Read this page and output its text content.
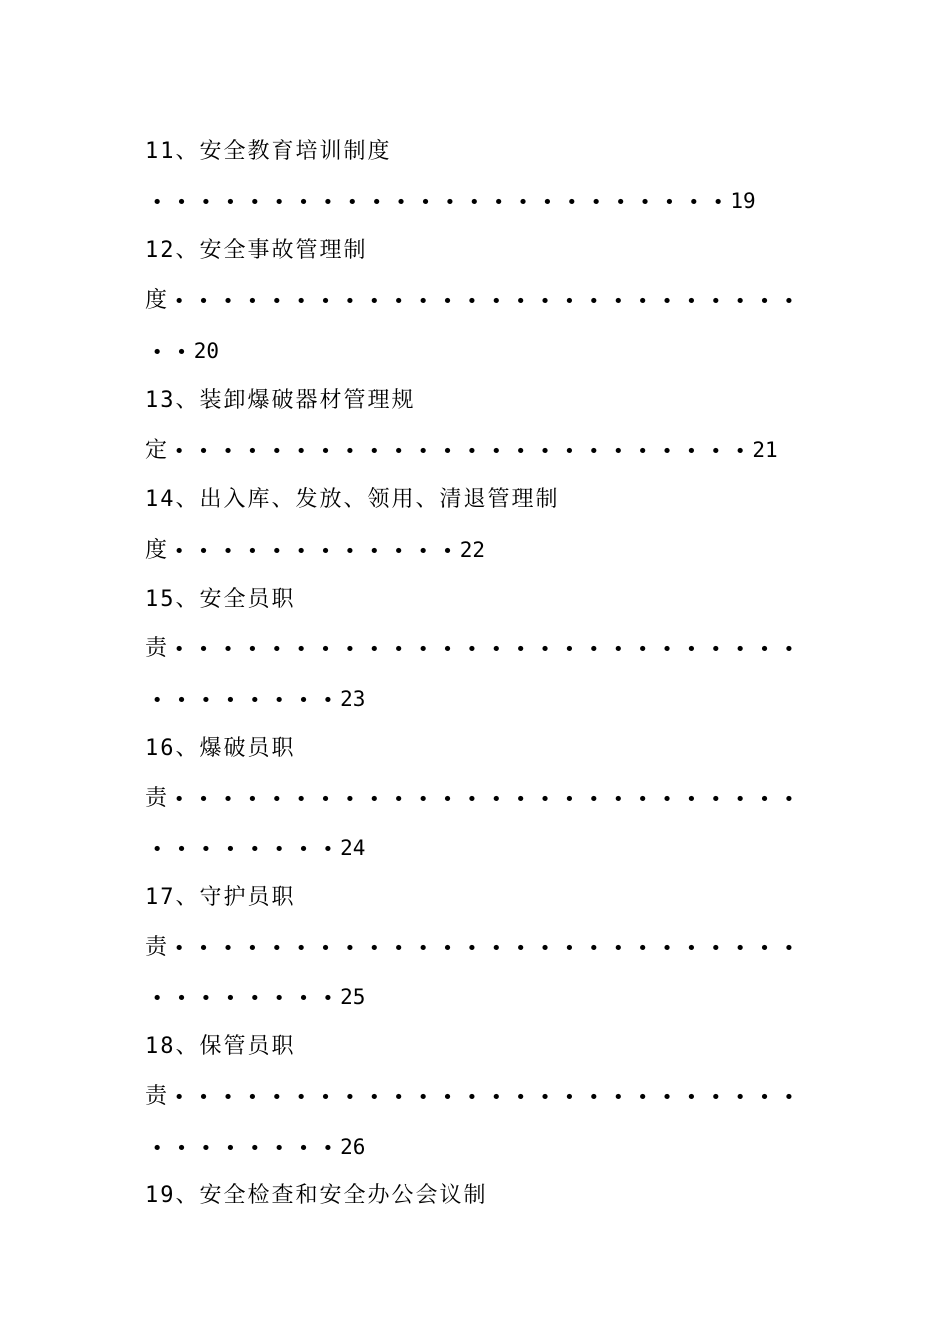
11、安全教育培训制度
• • • • • • • • • • • • • • • • • • • • • • • • 19
12、安全事故管理制
度 • • • • • • • • • • • • • • • • • • • • • • • • • •
• • 20
13、装卸爆破器材管理规
定 • • • • • • • • • • • • • • • • • • • • • • • • 21
14、出入库、发放、领用、清退管理制
度 • • • • • • • • • • • • 22
15、安全员职
责 • • • • • • • • • • • • • • • • • • • • • • • • • •
• • • • • • • • 23
16、爆破员职
责 • • • • • • • • • • • • • • • • • • • • • • • • • •
• • • • • • • • 24
17、守护员职
责 • • • • • • • • • • • • • • • • • • • • • • • • • •
• • • • • • • • 25
18、保管员职
责 • • • • • • • • • • • • • • • • • • • • • • • • • •
• • • • • • • • 26
19、安全检查和安全办公会议制
